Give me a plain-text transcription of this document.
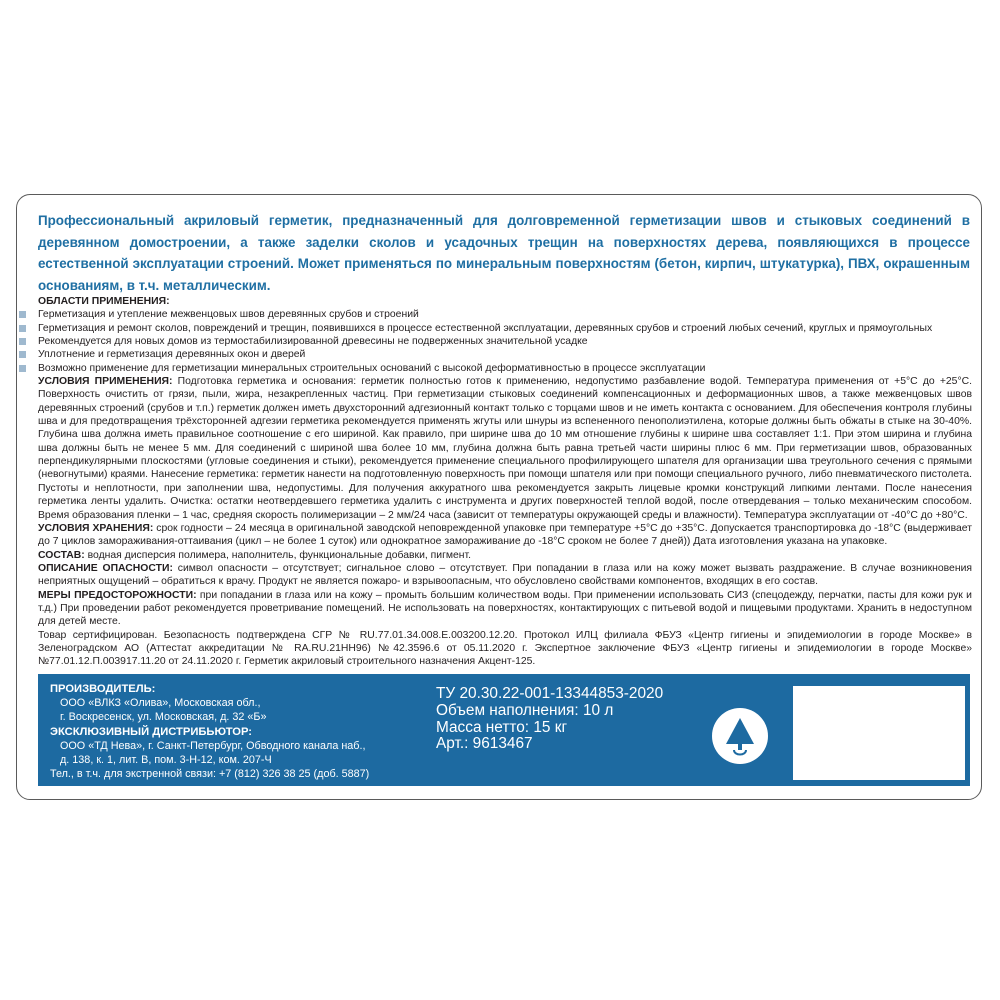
Профессиональный акриловый герметик, предназначенный для долговременной герметизации швов и стыковых соединений в деревянном домостроении, а также заделки сколов и усадочных трещин на поверхностях дерева, появляющихся в процессе естественной эксплуатации строений. Может применяться по минеральным поверхностям (бетон, кирпич, штукатурка), ПВХ, окрашенным основаниям, в т.ч. металлическим.

ОБЛАСТИ ПРИМЕНЕНИЯ:

Герметизация и утепление межвенцовых швов деревянных срубов и строений
Герметизация и ремонт сколов, повреждений и трещин, появившихся в процессе естественной эксплуатации, деревянных срубов и строений любых сечений, круглых и прямоугольных
Рекомендуется для новых домов из термостабилизированной древесины не подверженных значительной усадке
Уплотнение и герметизация деревянных окон и дверей
Возможно применение для герметизации минеральных строительных оснований с высокой деформативностью в процессе эксплуатации

УСЛОВИЯ ПРИМЕНЕНИЯ: Подготовка герметика и основания: герметик полностью готов к применению, недопустимо разбавление водой. Температура применения от +5°С до +25°С. Поверхность очистить от грязи, пыли, жира, незакрепленных частиц. При герметизации стыковых соединений компенсационных и деформационных швов, а также межвенцовых швов деревянных строений (срубов и т.п.) герметик должен иметь двухсторонний адгезионный контакт только с торцами швов и не иметь контакта с основанием. Для обеспечения контроля глубины шва и для предотвращения трёхсторонней адгезии герметика рекомендуется применять жгуты или шнуры из вспененного пенополиэтилена, которые должны быть обжаты в стыке на 30-40%. Глубина шва должна иметь правильное соотношение с его шириной. Как правило, при ширине шва до 10 мм отношение глубины к ширине шва составляет 1:1. При этом ширина и глубина шва должны быть не менее 5 мм. Для соединений с шириной шва более 10 мм, глубина должна быть равна третьей части ширины плюс 6 мм. При герметизации швов, образованных перпендикулярными плоскостями (угловые соединения и стыки), рекомендуется применение специального профилирующего шпателя для организации шва треугольного сечения с прямыми (невогнутыми) краями. Нанесение герметика: герметик нанести на подготовленную поверхность при помощи шпателя или при помощи специального ручного, либо пневматического пистолета. Пустоты и неплотности, при заполнении шва, недопустимы. Для получения аккуратного шва рекомендуется закрыть лицевые кромки конструкций липкими лентами. После нанесения герметика ленты удалить. Очистка: остатки неотвердевшего герметика удалить с инструмента и других поверхностей теплой водой, после отвердевания – только механическим способом. Время образования пленки – 1 час, средняя скорость полимеризации – 2 мм/24 часа (зависит от температуры окружающей среды и влажности). Температура эксплуатации от -40°С до +80°С.

УСЛОВИЯ ХРАНЕНИЯ: срок годности – 24 месяца в оригинальной заводской неповрежденной упаковке при температуре +5°С до +35°С. Допускается транспортировка до -18°С (выдерживает до 7 циклов замораживания-оттаивания (цикл – не более 1 суток) или однократное замораживание до -18°С сроком не более 7 дней)) Дата изготовления указана на упаковке.

СОСТАВ: водная дисперсия полимера, наполнитель, функциональные добавки, пигмент.

ОПИСАНИЕ ОПАСНОСТИ: символ опасности – отсутствует; сигнальное слово – отсутствует. При попадании в глаза или на кожу может вызвать раздражение. В случае возникновения неприятных ощущений – обратиться к врачу. Продукт не является пожаро- и взрывоопасным, что обусловлено свойствами компонентов, входящих в его состав.

МЕРЫ ПРЕДОСТОРОЖНОСТИ: при попадании в глаза или на кожу – промыть большим количеством воды. При применении использовать СИЗ (спецодежду, перчатки, пасты для кожи рук и т.д.) При проведении работ рекомендуется проветривание помещений. Не использовать на поверхностях, контактирующих с питьевой водой и пищевыми продуктами. Хранить в недоступном для детей месте.

Товар сертифицирован. Безопасность подтверждена СГР № RU.77.01.34.008.Е.003200.12.20. Протокол ИЛЦ филиала ФБУЗ «Центр гигиены и эпидемиологии в городе Москве» в Зеленоградском АО (Аттестат аккредитации № RA.RU.21НН96) №42.3596.6 от 05.11.2020 г. Экспертное заключение ФБУЗ «Центр гигиены и эпидемиологии в городе Москве» №77.01.12.П.003917.11.20 от 24.11.2020 г. Герметик акриловый строительного назначения Акцент-125.

ПРОИЗВОДИТЕЛЬ:
ООО «ВЛКЗ «Олива», Московская обл.,
г. Воскресенск, ул. Московская, д. 32 «Б»
ЭКСКЛЮЗИВНЫЙ ДИСТРИБЬЮТОР:
ООО «ТД Нева», г. Санкт-Петербург, Обводного канала наб.,
д. 138, к. 1, лит. В, пом. 3-Н-12, ком. 207-Ч
Тел., в т.ч. для экстренной связи: +7 (812) 326 38 25 (доб. 5887)
ТУ 20.30.22-001-13344853-2020
Объем наполнения: 10 л
Масса нетто: 15 кг
Арт.: 9613467
